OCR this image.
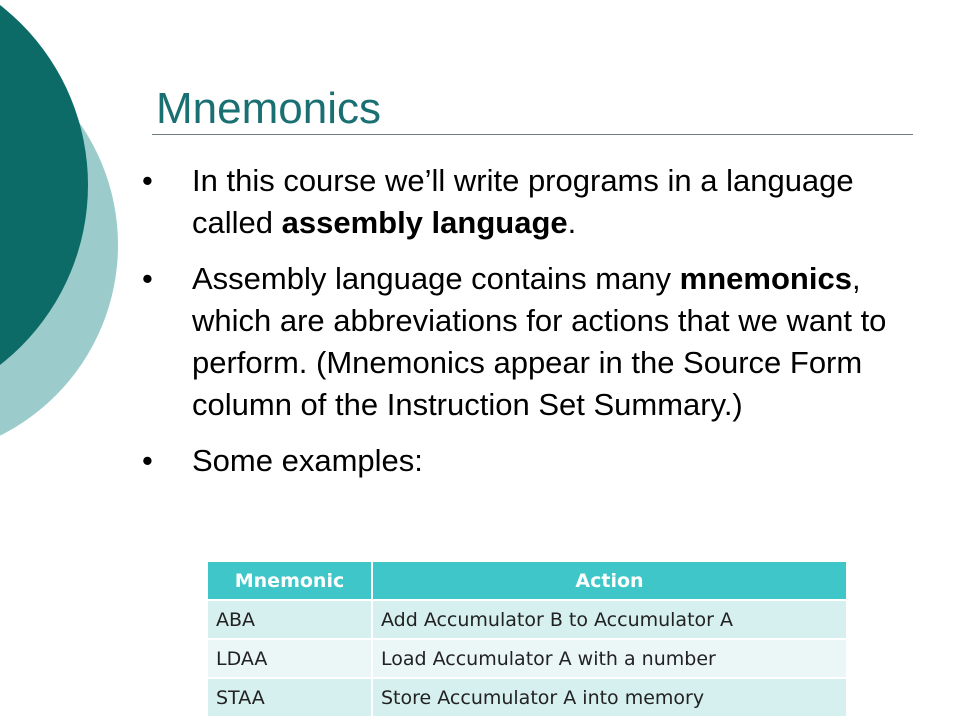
Mnemonics
• In this course we’ll write programs in a language called assembly language.
• Assembly language contains many mnemonics, which are abbreviations for actions that we want to perform. (Mnemonics appear in the Source Form column of the Instruction Set Summary.)
• Some examples:
Mnemonic	Action
ABA	Add Accumulator B to Accumulator A
LDAA	Load Accumulator A with a number
STAA	Store Accumulator A into memory
